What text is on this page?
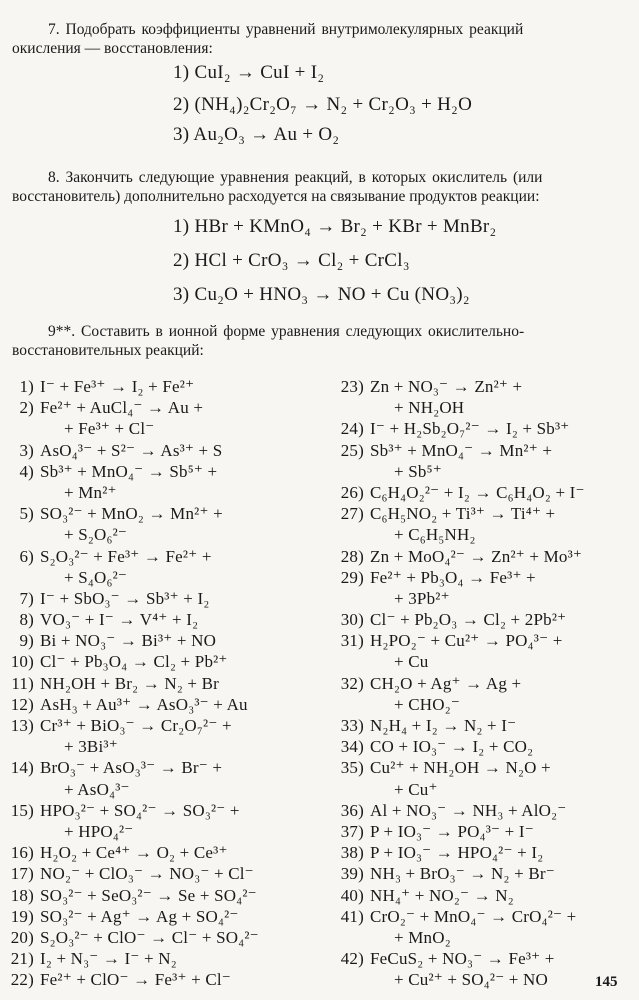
7. Подобрать коэффициенты уравнений внутримолекулярных реакций
окисления — восстановления:
1) CuI₂ → CuI + I₂
2) (NH₄)₂Cr₂O₇ → N₂ + Cr₂O₃ + H₂O
3) Au₂O₃ → Au + O₂
8. Закончить следующие уравнения реакций, в которых окислитель (или
восстановитель) дополнительно расходуется на связывание продуктов реакции:
1) HBr + KMnO₄ → Br₂ + KBr + MnBr₂
2) HCl + CrO₃ → Cl₂ + CrCl₃
3) Cu₂O + HNO₃ → NO + Cu (NO₃)₂
9**. Составить в ионной форме уравнения следующих окислительно-
восстановительных реакций:
1) I⁻ + Fe³⁺ → I₂ + Fe²⁺
2) Fe²⁺ + AuCl₄⁻ → Au +
+ Fe³⁺ + Cl⁻
3) AsO₄³⁻ + S²⁻ → As³⁺ + S
4) Sb³⁺ + MnO₄⁻ → Sb⁵⁺ +
+ Mn²⁺
5) SO₃²⁻ + MnO₂ → Mn²⁺ +
+ S₂O₆²⁻
6) S₂O₃²⁻ + Fe³⁺ → Fe²⁺ +
+ S₄O₆²⁻
7) I⁻ + SbO₃⁻ → Sb³⁺ + I₂
8) VO₃⁻ + I⁻ → V⁴⁺ + I₂
9) Bi + NO₃⁻ → Bi³⁺ + NO
10) Cl⁻ + Pb₃O₄ → Cl₂ + Pb²⁺
11) NH₂OH + Br₂ → N₂ + Br
12) AsH₃ + Au³⁺ → AsO₃³⁻ + Au
13) Cr³⁺ + BiO₃⁻ → Cr₂O₇²⁻ +
+ 3Bi³⁺
14) BrO₃⁻ + AsO₃³⁻ → Br⁻ +
+ AsO₄³⁻
15) HPO₃²⁻ + SO₄²⁻ → SO₃²⁻ +
+ HPO₄²⁻
16) H₂O₂ + Ce⁴⁺ → O₂ + Ce³⁺
17) NO₂⁻ + ClO₃⁻ → NO₃⁻ + Cl⁻
18) SO₃²⁻ + SeO₃²⁻ → Se + SO₄²⁻
19) SO₃²⁻ + Ag⁺ → Ag + SO₄²⁻
20) S₂O₃²⁻ + ClO⁻ → Cl⁻ + SO₄²⁻
21) I₂ + N₃⁻ → I⁻ + N₂
22) Fe²⁺ + ClO⁻ → Fe³⁺ + Cl⁻
23) Zn + NO₃⁻ → Zn²⁺ +
+ NH₂OH
24) I⁻ + H₂Sb₂O₇²⁻ → I₂ + Sb³⁺
25) Sb³⁺ + MnO₄⁻ → Mn²⁺ +
+ Sb⁵⁺
26) C₆H₄O₂²⁻ + I₂ → C₆H₄O₂ + I⁻
27) C₆H₅NO₂ + Ti³⁺ → Ti⁴⁺ +
+ C₆H₅NH₂
28) Zn + MoO₄²⁻ → Zn²⁺ + Mo³⁺
29) Fe²⁺ + Pb₃O₄ → Fe³⁺ +
+ 3Pb²⁺
30) Cl⁻ + Pb₂O₃ → Cl₂ + 2Pb²⁺
31) H₂PO₂⁻ + Cu²⁺ → PO₄³⁻ +
+ Cu
32) CH₂O + Ag⁺ → Ag +
+ CHO₂⁻
33) N₂H₄ + I₂ → N₂ + I⁻
34) CO + IO₃⁻ → I₂ + CO₂
35) Cu²⁺ + NH₂OH → N₂O +
+ Cu⁺
36) Al + NO₃⁻ → NH₃ + AlO₂⁻
37) P + IO₃⁻ → PO₄³⁻ + I⁻
38) P + IO₃⁻ → HPO₄²⁻ + I₂
39) NH₃ + BrO₃⁻ → N₂ + Br⁻
40) NH₄⁺ + NO₂⁻ → N₂
41) CrO₂⁻ + MnO₄⁻ → CrO₄²⁻ +
+ MnO₂
42) FeCuS₂ + NO₃⁻ → Fe³⁺ +
+ Cu²⁺ + SO₄²⁻ + NO	145
